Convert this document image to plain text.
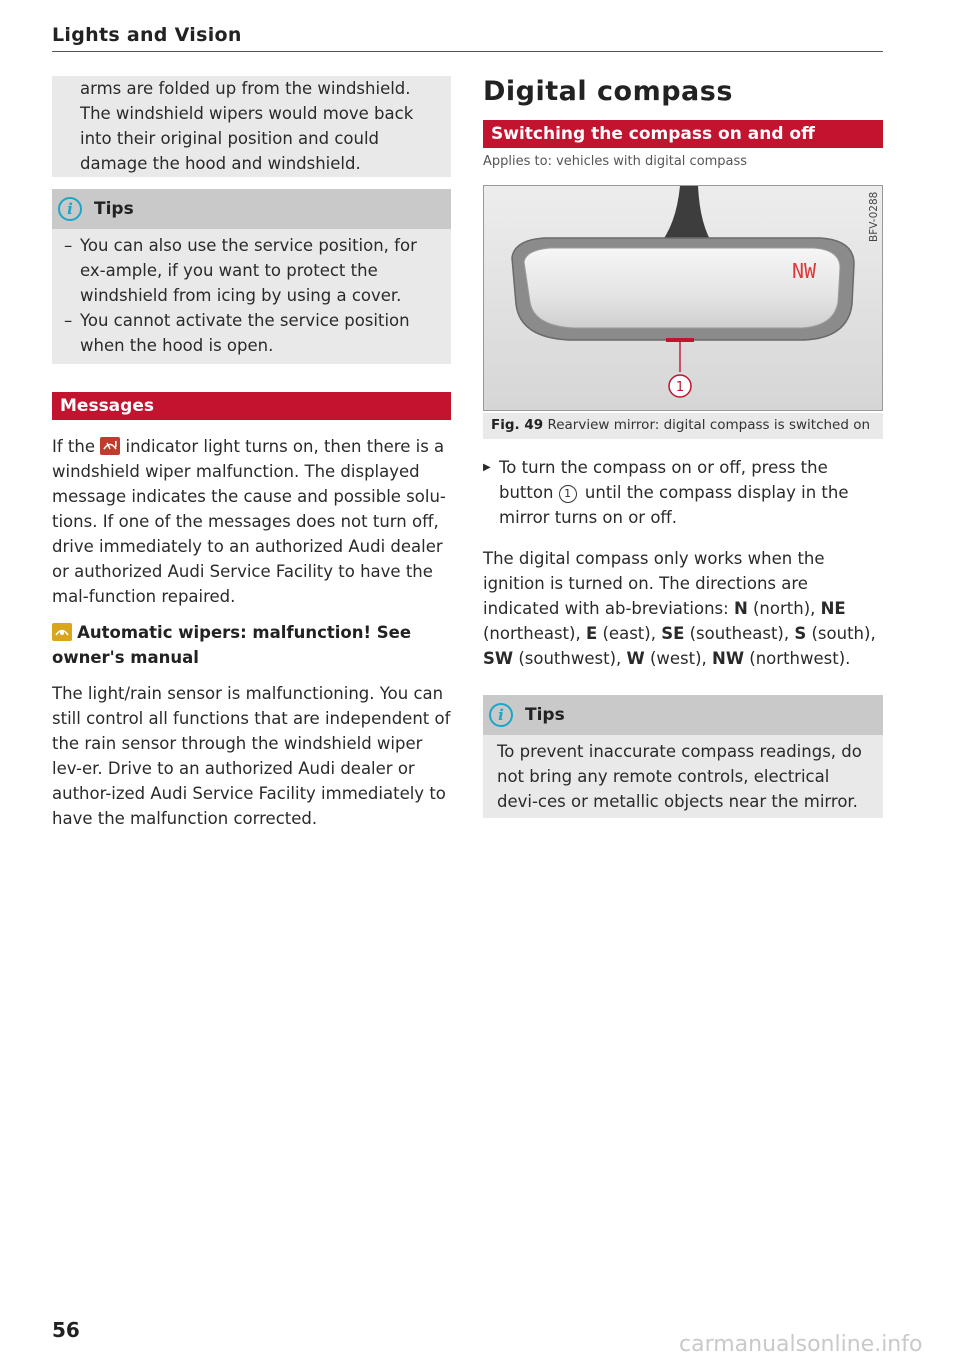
Lights and Vision

arms are folded up from the windshield. The windshield wipers would move back into their original position and could damage the hood and windshield.

i	Tips
– You can also use the service position, for ex-ample, if you want to protect the windshield from icing by using a cover.
– You cannot activate the service position when the hood is open.
Messages

If the
indicator light turns on, then there is a windshield wiper malfunction. The displayed message indicates the cause and possible solu-tions. If one of the messages does not turn off, drive immediately to an authorized Audi dealer or authorized Audi Service Facility to have the mal-function repaired.

Automatic wipers: malfunction! See owner's manual

The light/rain sensor is malfunctioning. You can still control all functions that are independent of the rain sensor through the windshield wiper lev-er. Drive to an authorized Audi dealer or author-ized Audi Service Facility immediately to have the malfunction corrected.

Digital compass
Switching the compass on and off
Applies to: vehicles with digital compass
1
NW
BFV-0288
Fig. 49 Rearview mirror: digital compass is switched on
▶ To turn the compass on or off, press the button 1 until the compass display in the mirror turns on or off.

The digital compass only works when the ignition is turned on. The directions are indicated with ab-breviations: N (north), NE (northeast), E (east), SE (southeast), S (south), SW (southwest), W (west), NW (northwest).

i	Tips

To prevent inaccurate compass readings, do not bring any remote controls, electrical devi-ces or metallic objects near the mirror.

56
carmanualsonline.info
